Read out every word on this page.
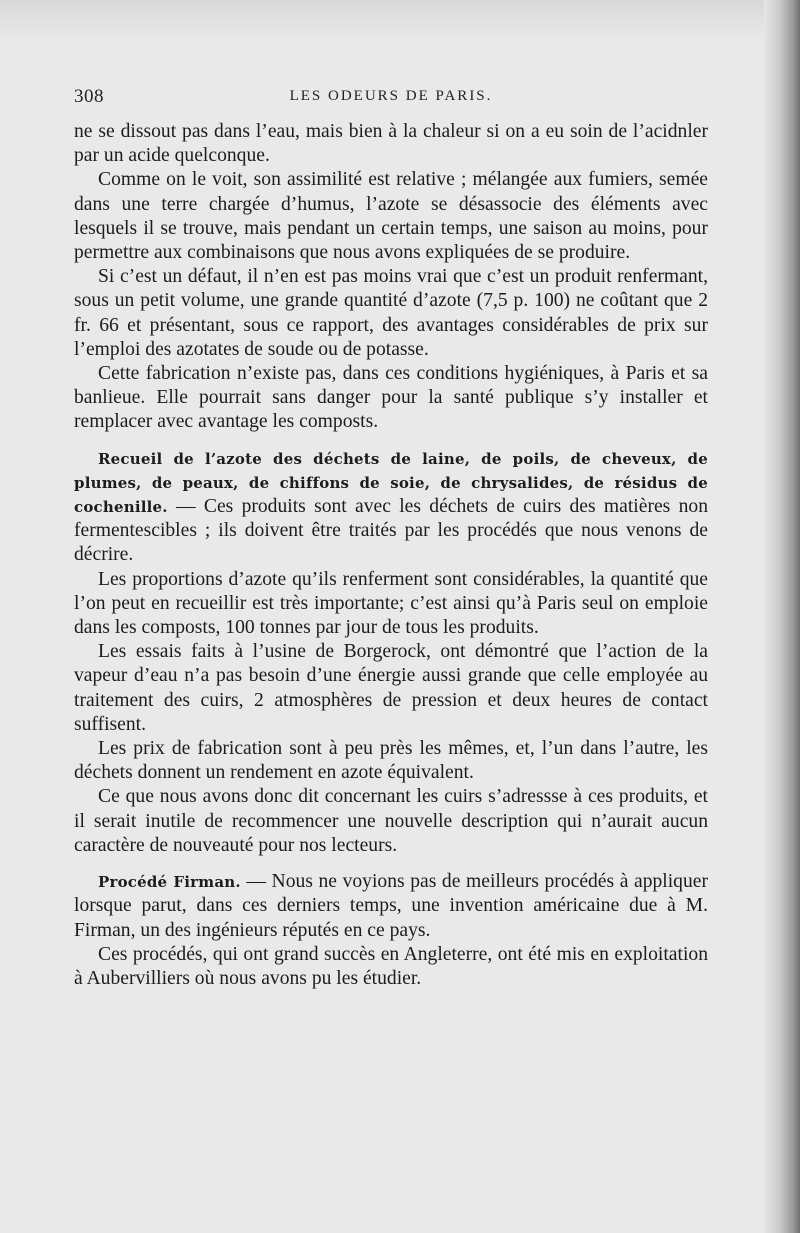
308	LES ODEURS DE PARIS.

ne se dissout pas dans l’eau, mais bien à la chaleur si on a eu soin de l’acidnler par un acide quelconque.

Comme on le voit, son assimilité est relative ; mélangée aux fumiers, semée dans une terre chargée d’humus, l’azote se désassocie des éléments avec lesquels il se trouve, mais pendant un certain temps, une saison au moins, pour permettre aux combinaisons que nous avons expliquées de se produire.

Si c’est un défaut, il n’en est pas moins vrai que c’est un produit renfermant, sous un petit volume, une grande quantité d’azote (7,5 p. 100) ne coûtant que 2 fr. 66 et présentant, sous ce rapport, des avantages considérables de prix sur l’emploi des azotates de soude ou de potasse.

Cette fabrication n’existe pas, dans ces conditions hygiéniques, à Paris et sa banlieue. Elle pourrait sans danger pour la santé publique s’y installer et remplacer avec avantage les composts.

Recueil de l’azote des déchets de laine, de poils, de cheveux, de plumes, de peaux, de chiffons de soie, de chrysalides, de résidus de cochenille. — Ces produits sont avec les déchets de cuirs des matières non fermentescibles ; ils doivent être traités par les procédés que nous venons de décrire.

Les proportions d’azote qu’ils renferment sont considérables, la quantité que l’on peut en recueillir est très importante; c’est ainsi qu’à Paris seul on emploie dans les composts, 100 tonnes par jour de tous les produits.

Les essais faits à l’usine de Borgerock, ont démontré que l’action de la vapeur d’eau n’a pas besoin d’une énergie aussi grande que celle employée au traitement des cuirs, 2 atmosphères de pression et deux heures de contact suffisent.

Les prix de fabrication sont à peu près les mêmes, et, l’un dans l’autre, les déchets donnent un rendement en azote équivalent.

Ce que nous avons donc dit concernant les cuirs s’adressse à ces produits, et il serait inutile de recommencer une nouvelle description qui n’aurait aucun caractère de nouveauté pour nos lecteurs.

Procédé Firman. — Nous ne voyions pas de meilleurs procédés à appliquer lorsque parut, dans ces derniers temps, une invention américaine due à M. Firman, un des ingénieurs réputés en ce pays.

Ces procédés, qui ont grand succès en Angleterre, ont été mis en exploitation à Aubervilliers où nous avons pu les étudier.
